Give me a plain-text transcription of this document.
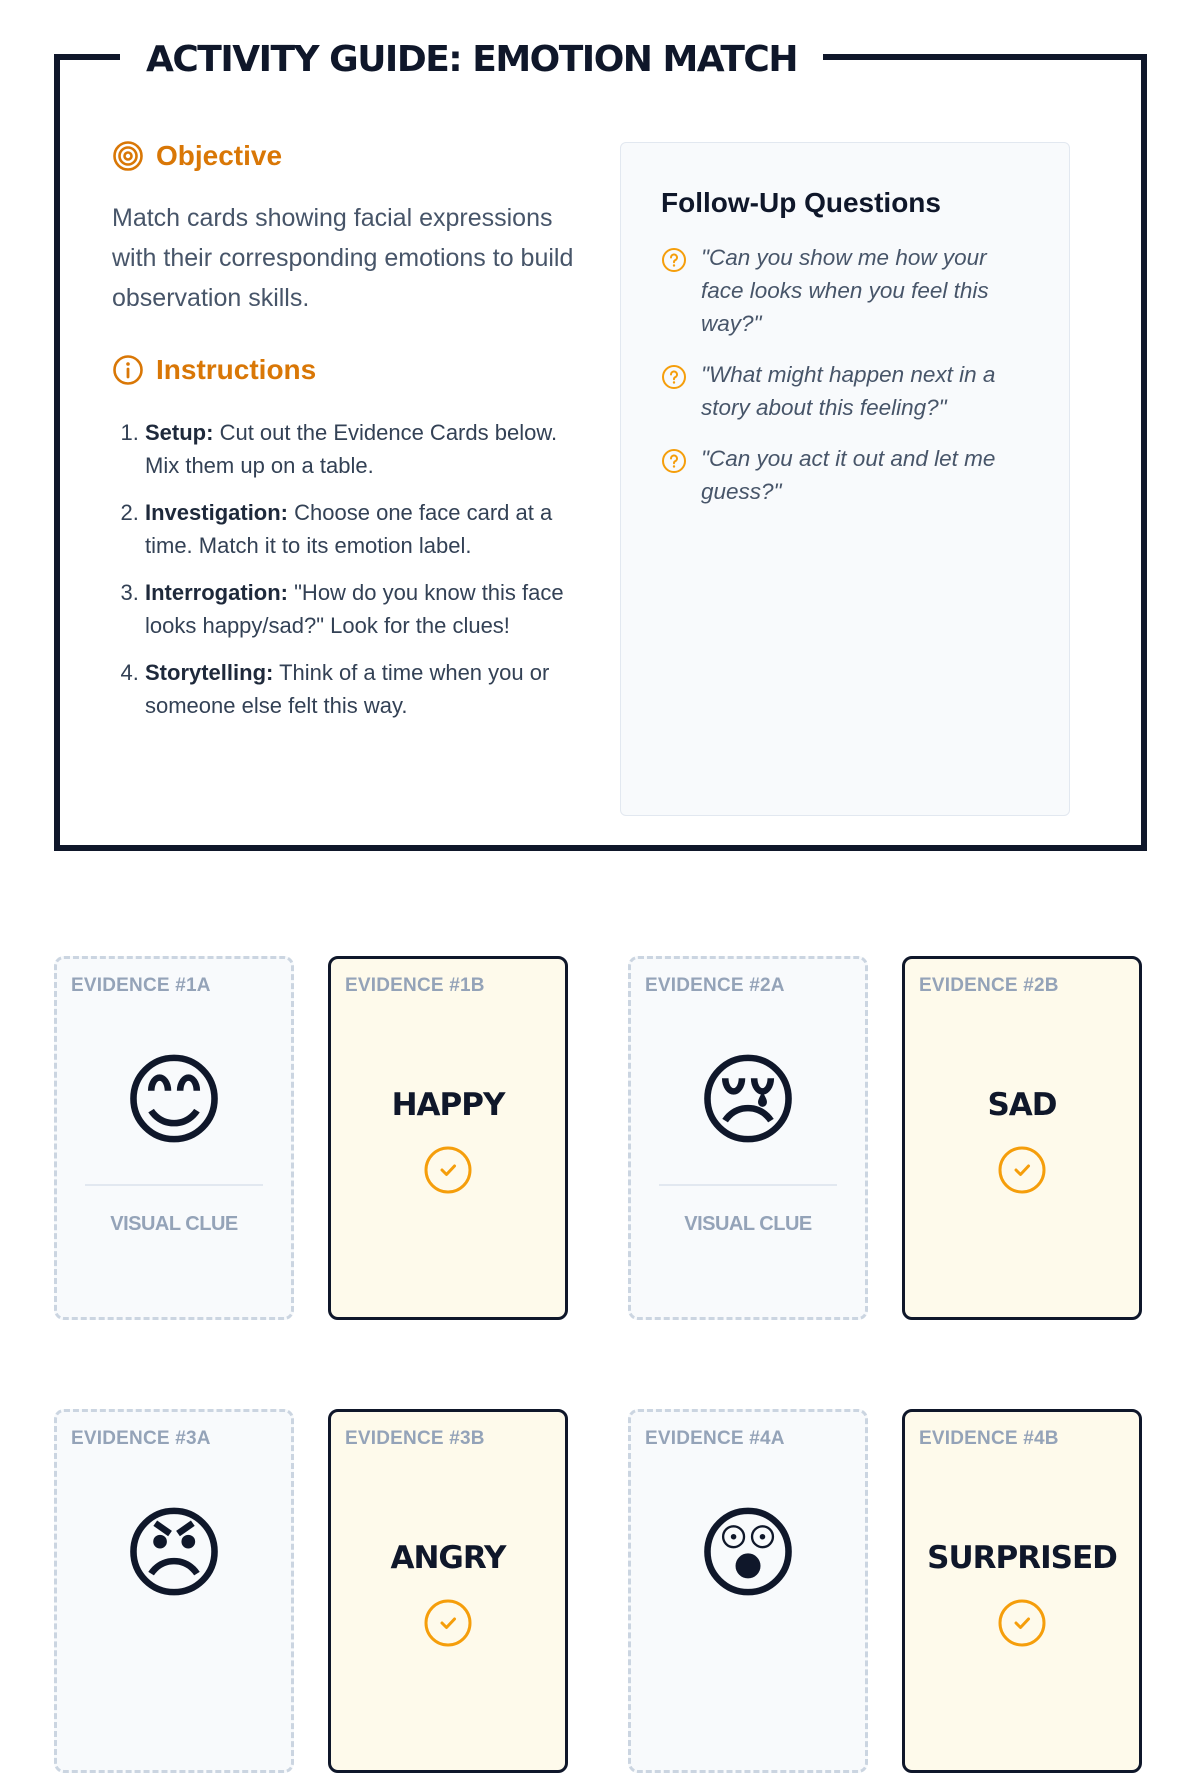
ACTIVITY GUIDE: EMOTION MATCH
Objective

Match cards showing facial expressions with their corresponding emotions to build observation skills.

Instructions
1. Setup: Cut out the Evidence Cards below. Mix them up on a table.
2. Investigation: Choose one face card at a time. Match it to its emotion label.
3. Interrogation: "How do you know this face looks happy/sad?" Look for the clues!
4. Storytelling: Think of a time when you or someone else felt this way.
Follow-Up Questions
"Can you show me how your face looks when you feel this way?"
"What might happen next in a story about this feeling?"
"Can you act it out and let me guess?"
EVIDENCE #1A
😊
VISUAL CLUE
EVIDENCE #1B
HAPPY
EVIDENCE #2A
😢
VISUAL CLUE
EVIDENCE #2B
SAD
EVIDENCE #3A
😠
EVIDENCE #3B
ANGRY
EVIDENCE #4A
😲
EVIDENCE #4B
SURPRISED
